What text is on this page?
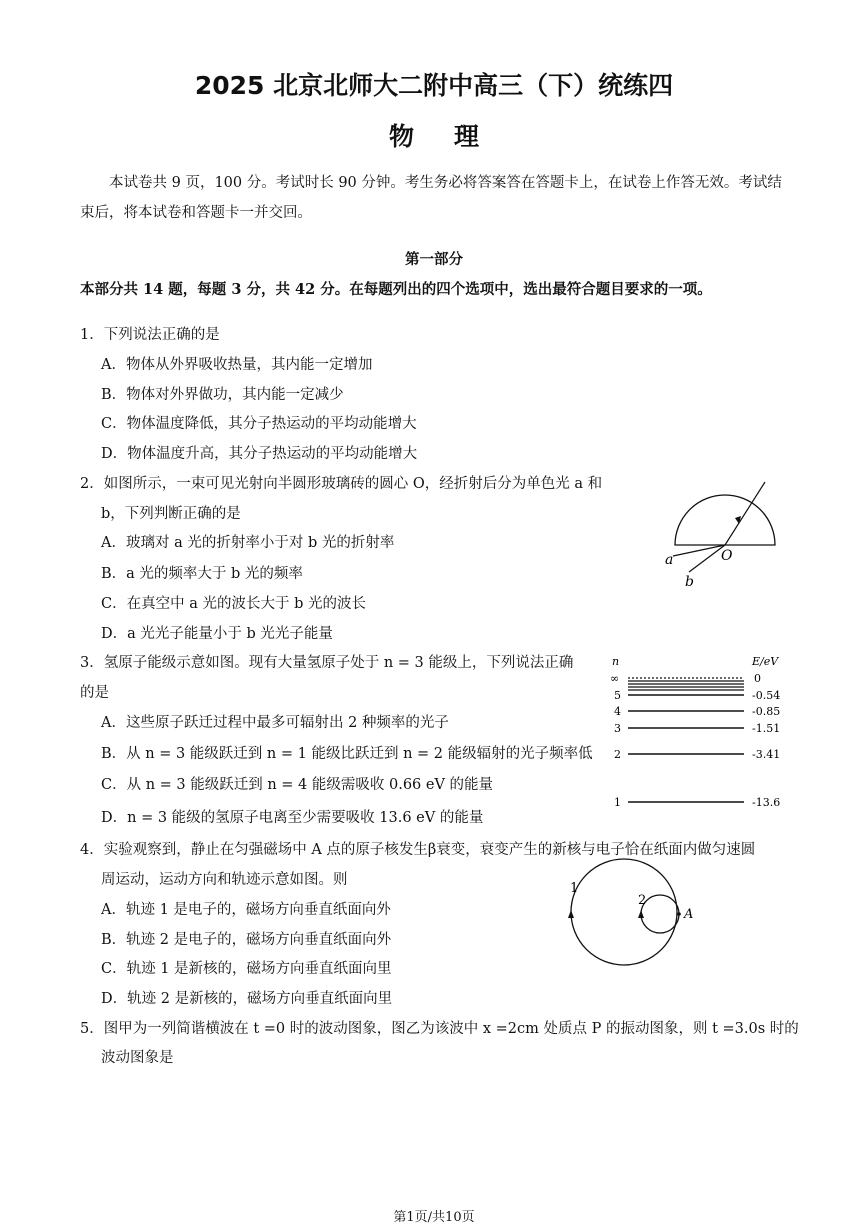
2025 北京北师大二附中高三（下）统练四
物理
本试卷共 9 页，100 分。考试时长 90 分钟。考生务必将答案答在答题卡上，在试卷上作答无效。考试结束后，将本试卷和答题卡一并交回。
第一部分
本部分共 14 题，每题 3 分，共 42 分。在每题列出的四个选项中，选出最符合题目要求的一项。
1．下列说法正确的是
A．物体从外界吸收热量，其内能一定增加
B．物体对外界做功，其内能一定减少
C．物体温度降低，其分子热运动的平均动能增大
D．物体温度升高，其分子热运动的平均动能增大
2．如图所示，一束可见光射向半圆形玻璃砖的圆心 O，经折射后分为单色光 a 和
b，下列判断正确的是
A．玻璃对 a 光的折射率小于对 b 光的折射率
B．a 光的频率大于 b 光的频率
C．在真空中 a 光的波长大于 b 光的波长
D．a 光光子能量小于 b 光光子能量
a
b
O
3．氢原子能级示意如图。现有大量氢原子处于 n = 3 能级上，下列说法正确
的是
A．这些原子跃迁过程中最多可辐射出 2 种频率的光子
B．从 n = 3 能级跃迁到 n = 1 能级比跃迁到 n = 2 能级辐射的光子频率低
C．从 n = 3 能级跃迁到 n = 4 能级需吸收 0.66 eV 的能量
D．n = 3 能级的氢原子电离至少需要吸收 13.6 eV 的能量
n	E/eV
∞	0
5	-0.54
4	-0.85
3	-1.51
2	-3.41
1	-13.6
4．实验观察到，静止在匀强磁场中 A 点的原子核发生β衰变，衰变产生的新核与电子恰在纸面内做匀速圆
周运动，运动方向和轨迹示意如图。则
A．轨迹 1 是电子的，磁场方向垂直纸面向外
B．轨迹 2 是电子的，磁场方向垂直纸面向外
C．轨迹 1 是新核的，磁场方向垂直纸面向里
D．轨迹 2 是新核的，磁场方向垂直纸面向里
1
2
A
5．图甲为一列简谐横波在 t =0 时的波动图象，图乙为该波中 x =2cm 处质点 P 的振动图象，则 t =3.0s 时的
波动图象是
第1页/共10页
